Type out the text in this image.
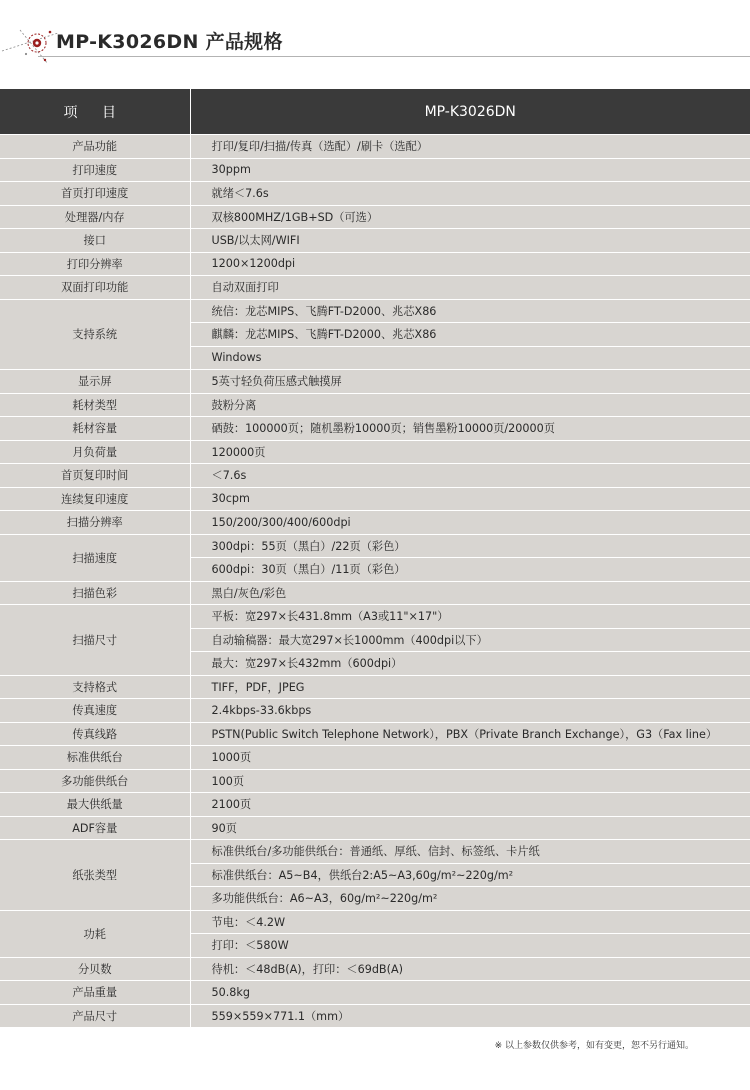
MP-K3026DN 产品规格
项 目	MP-K3026DN
产品功能	打印/复印/扫描/传真（选配）/刷卡（选配）
打印速度	30ppm
首页打印速度	就绪＜7.6s
处理器/内存	双核800MHZ/1GB+SD（可选）
接口	USB/以太网/WIFI
打印分辨率	1200×1200dpi
双面打印功能	自动双面打印
支持系统	统信：龙芯MIPS、飞腾FT-D2000、兆芯X86
	麒麟：龙芯MIPS、飞腾FT-D2000、兆芯X86
	Windows
显示屏	5英寸轻负荷压感式触摸屏
耗材类型	鼓粉分离
耗材容量	硒鼓：100000页；随机墨粉10000页；销售墨粉10000页/20000页
月负荷量	120000页
首页复印时间	＜7.6s
连续复印速度	30cpm
扫描分辨率	150/200/300/400/600dpi
扫描速度	300dpi：55页（黑白）/22页（彩色）
	600dpi：30页（黑白）/11页（彩色）
扫描色彩	黑白/灰色/彩色
扫描尺寸	平板：宽297×长431.8mm（A3或11"×17"）
	自动输稿器：最大宽297×长1000mm（400dpi以下）
	最大：宽297×长432mm（600dpi）
支持格式	TIFF，PDF，JPEG
传真速度	2.4kbps-33.6kbps
传真线路	PSTN(Public Switch Telephone Network），PBX（Private Branch Exchange），G3（Fax line）
标准供纸台	1000页
多功能供纸台	100页
最大供纸量	2100页
ADF容量	90页
纸张类型	标准供纸台/多功能供纸台：普通纸、厚纸、信封、标签纸、卡片纸
	标准供纸台：A5~B4，供纸台2:A5~A3,60g/m²~220g/m²
	多功能供纸台：A6~A3，60g/m²~220g/m²
功耗	节电：＜4.2W
	打印：＜580W
分贝数	待机：＜48dB(A)，打印：＜69dB(A)
产品重量	50.8kg
产品尺寸	559×559×771.1（mm）
※ 以上参数仅供参考，如有变更，恕不另行通知。
